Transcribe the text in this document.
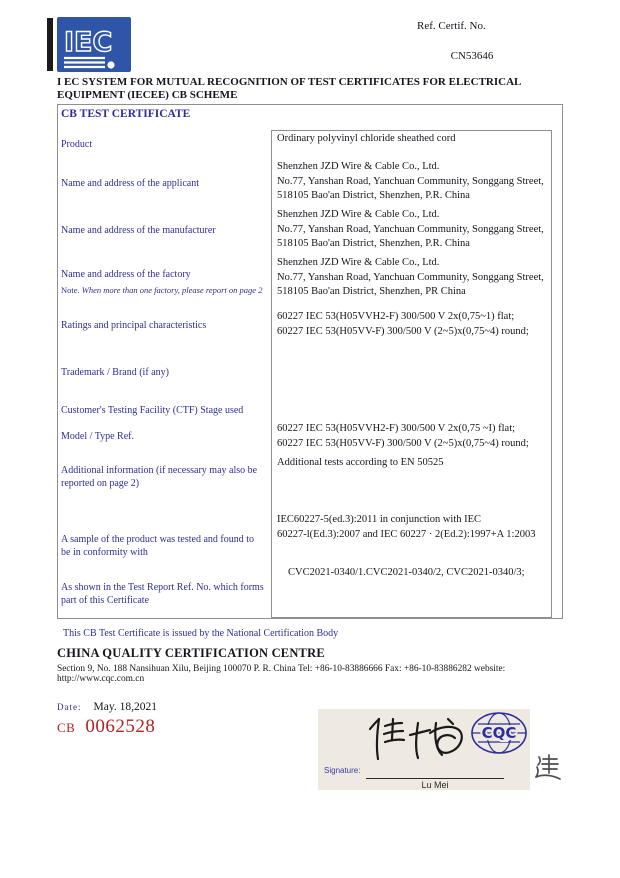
IEC
Ref. Certif. No.
CN53646
I EC SYSTEM FOR MUTUAL RECOGNITION OF TEST CERTIFICATES FOR ELECTRICAL EQUIPMENT (IECEE) CB SCHEME
CB TEST CERTIFICATE
Product
Ordinary polyvinyl chloride sheathed cord
Name and address of the applicant
Shenzhen JZD Wire & Cable Co., Ltd.
No.77, Yanshan Road, Yanchuan Community, Songgang Street,
518105 Bao'an District, Shenzhen, P.R. China
Name and address of the manufacturer
Shenzhen JZD Wire & Cable Co., Ltd.
No.77, Yanshan Road, Yanchuan Community, Songgang Street,
518105 Bao'an District, Shenzhen, P.R. China
Name and address of the factory
Note. When more than one factory, please report on page 2
Shenzhen JZD Wire & Cable Co., Ltd.
No.77, Yanshan Road, Yanchuan Community, Songgang Street,
518105 Bao'an District, Shenzhen, PR China
Ratings and principal characteristics
60227 IEC 53(H05VVH2-F) 300/500 V 2x(0,75~1) flat;
60227 IEC 53(H05VV-F) 300/500 V (2~5)x(0,75~4) round;
Trademark / Brand (if any)
Customer's Testing Facility (CTF) Stage used
Model / Type Ref.
60227 IEC 53(H05VVH2-F) 300/500 V 2x(0,75 ~I) flat;
60227 IEC 53(H05VV-F) 300/500 V (2~5)x(0,75~4) round;
Additional information (if necessary may also be reported on page 2)
Additional tests according to EN 50525
A sample of the product was tested and found to be in conformity with
IEC60227-5(ed.3):2011 in conjunction with IEC
60227-l(Ed.3):2007 and IEC 60227 · 2(Ed.2):1997+A 1:2003
As shown in the Test Report Ref. No. which forms part of this Certificate
CVC2021-0340/1.CVC2021-0340/2, CVC2021-0340/3;
This CB Test Certificate is issued by the National Certification Body
CHINA QUALITY CERTIFICATION CENTRE
Section 9, No. 188 Nansihuan Xilu, Beijing 100070 P. R. China Tel: +86-10-83886666 Fax: +86-10-83886282 website: http://www.cqc.com.cn
Date: May. 18,2021
CB 0062528	CQC
Signature:
Lu Mei
